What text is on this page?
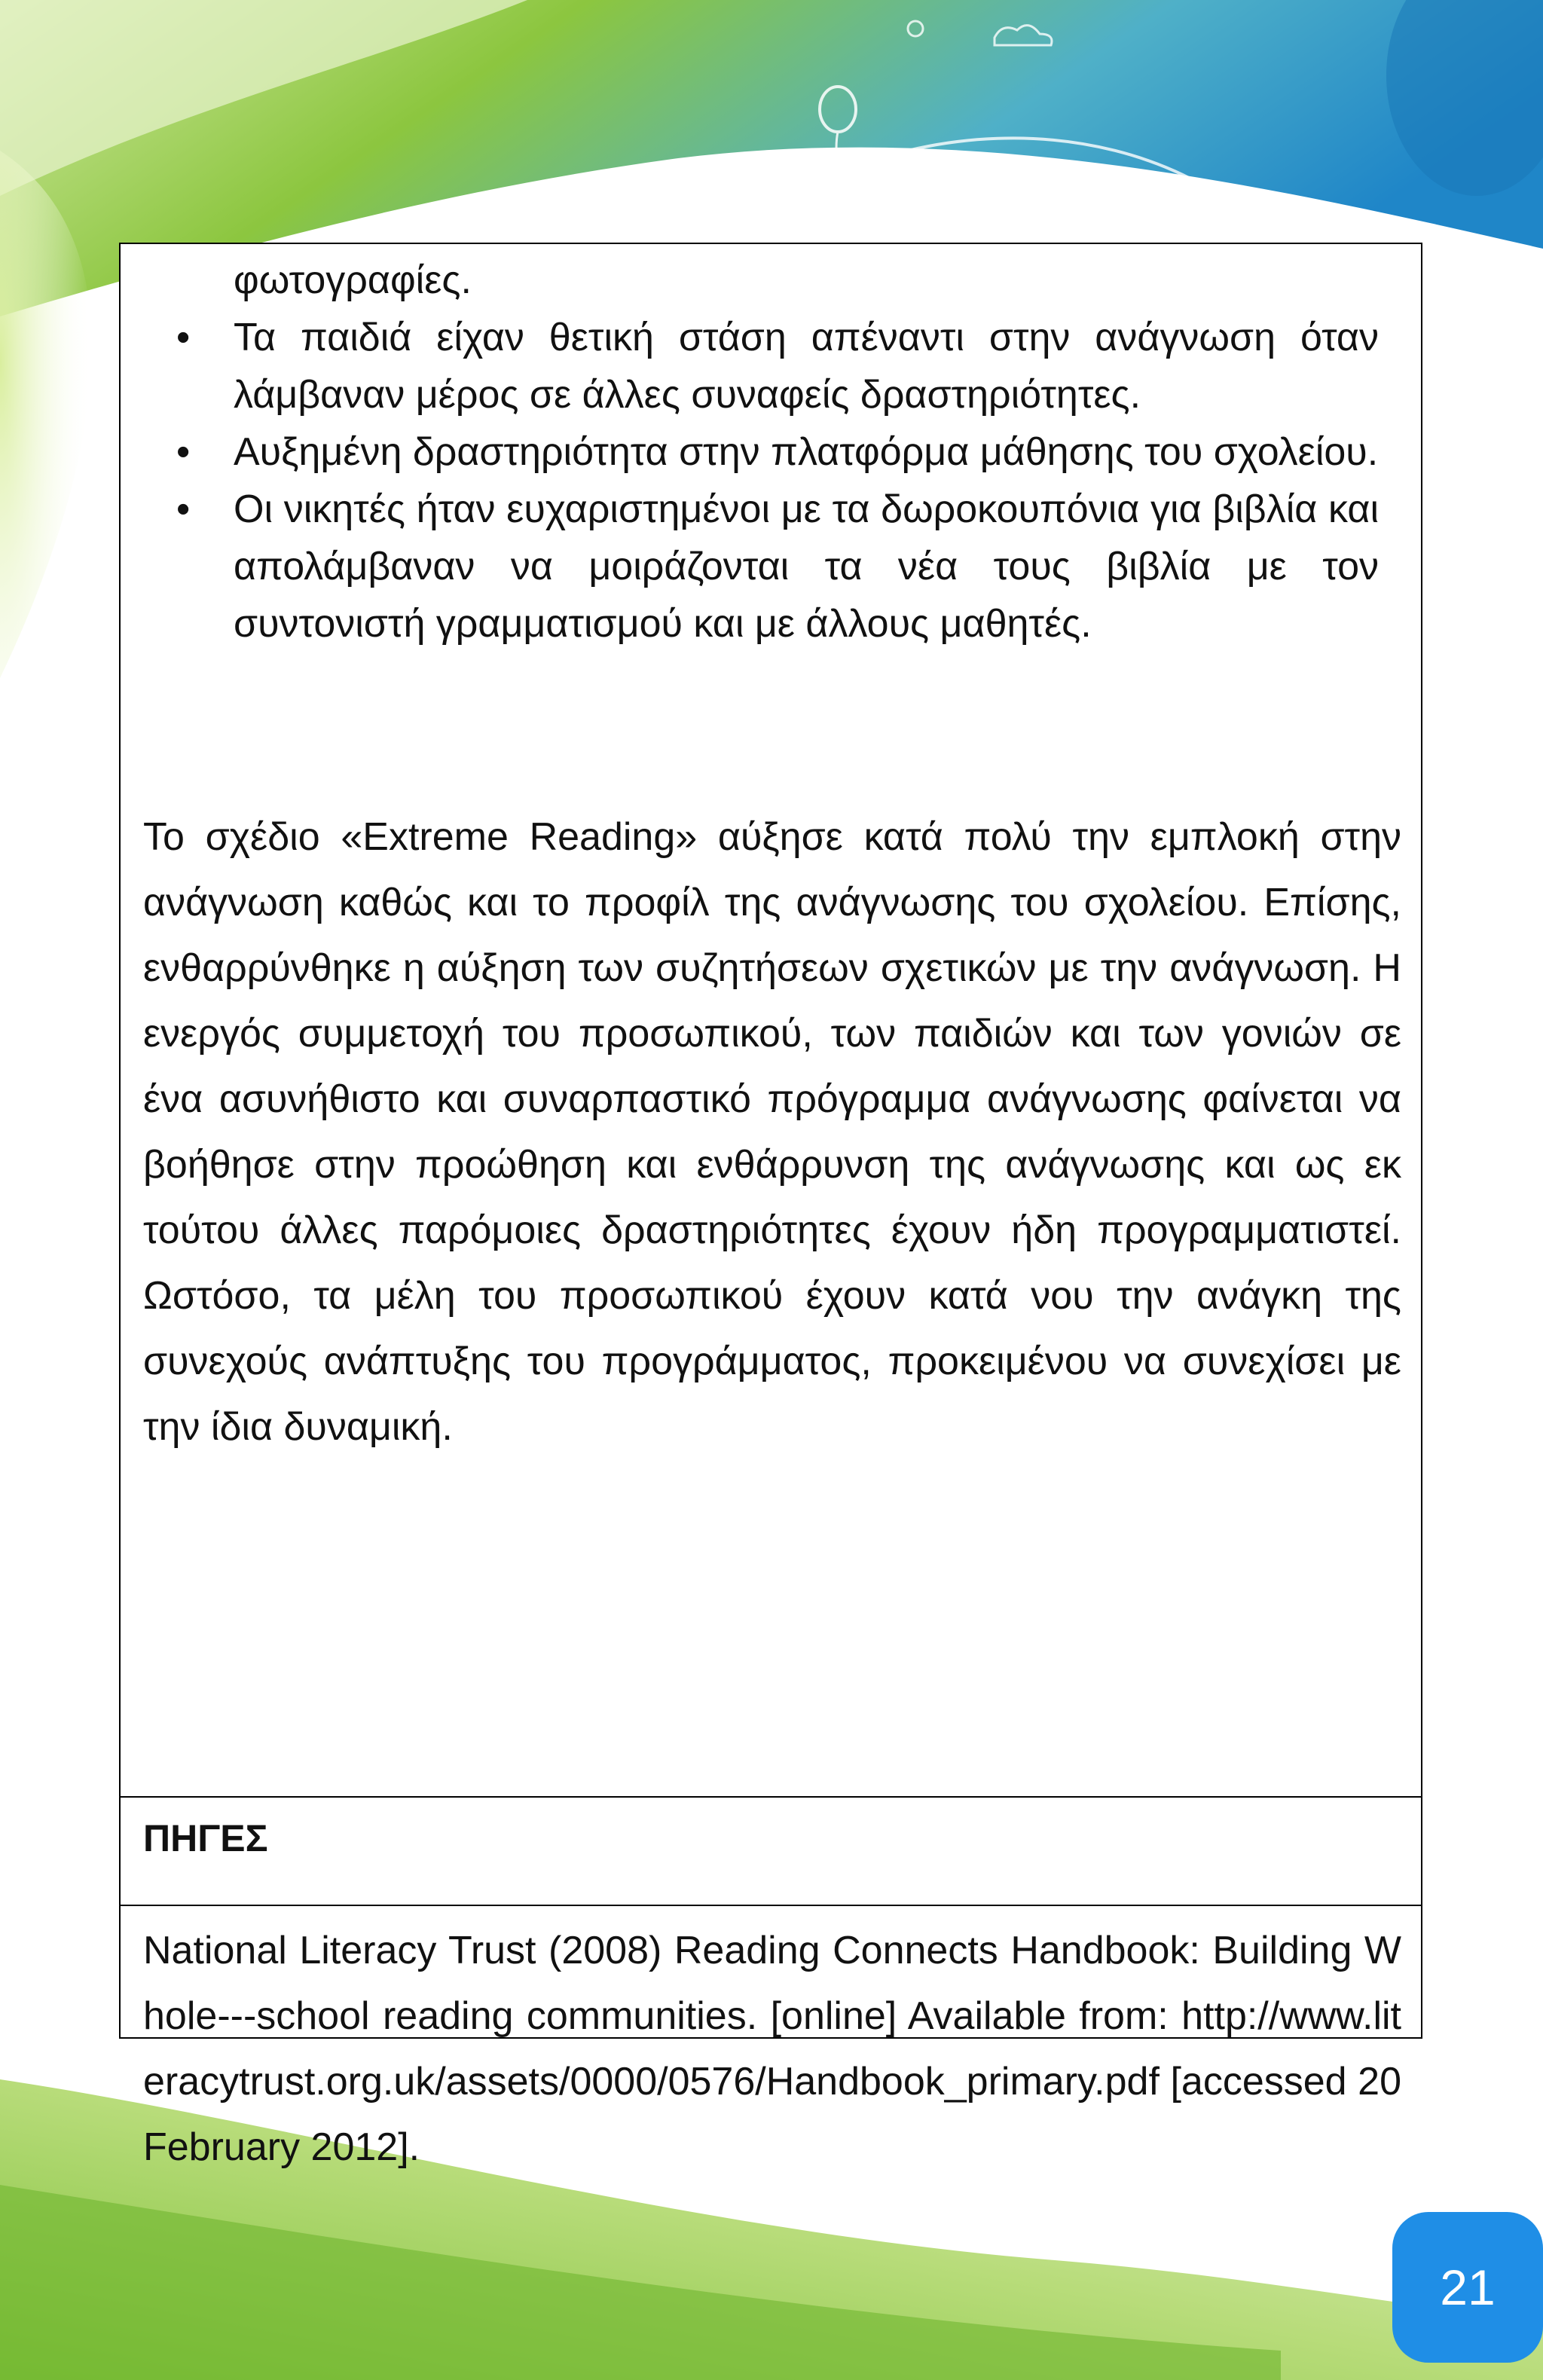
φωτογραφίες.
• Τα παιδιά είχαν θετική στάση απέναντι στην ανάγνωση όταν λάμβαναν μέρος σε άλλες συναφείς δραστηριότητες.
• Αυξημένη δραστηριότητα στην πλατφόρμα μάθησης του σχολείου.
• Οι νικητές ήταν ευχαριστημένοι με τα δωροκουπόνια για βιβλία και απολάμβαναν να μοιράζονται τα νέα τους βιβλία με τον συντονιστή γραμματισμού και με άλλους μαθητές.

Το σχέδιο «Extreme Reading» αύξησε κατά πολύ την εμπλοκή στην ανάγνωση καθώς και το προφίλ της ανάγνωσης του σχολείου. Επίσης, ενθαρρύνθηκε η αύξηση των συζητήσεων σχετικών με την ανάγνωση. Η ενεργός συμμετοχή του προσωπικού, των παιδιών και των γονιών σε ένα ασυνήθιστο και συναρπαστικό πρόγραμμα ανάγνωσης φαίνεται να βοήθησε στην προώθηση και ενθάρρυνση της ανάγνωσης και ως εκ τούτου άλλες παρόμοιες δραστηριότητες έχουν ήδη προγραμματιστεί. Ωστόσο, τα μέλη του προσωπικού έχουν κατά νου την ανάγκη της συνεχούς ανάπτυξης του προγράμματος, προκειμένου να συνεχίσει με την ίδια δυναμική.

ΠΗΓΕΣ

National Literacy Trust (2008) Reading Connects Handbook: Building Whole---school reading communities. [online] Available from: http://www.literacytrust.org.uk/assets/0000/0576/Handbook_primary.pdf [accessed 20 February 2012].

21
